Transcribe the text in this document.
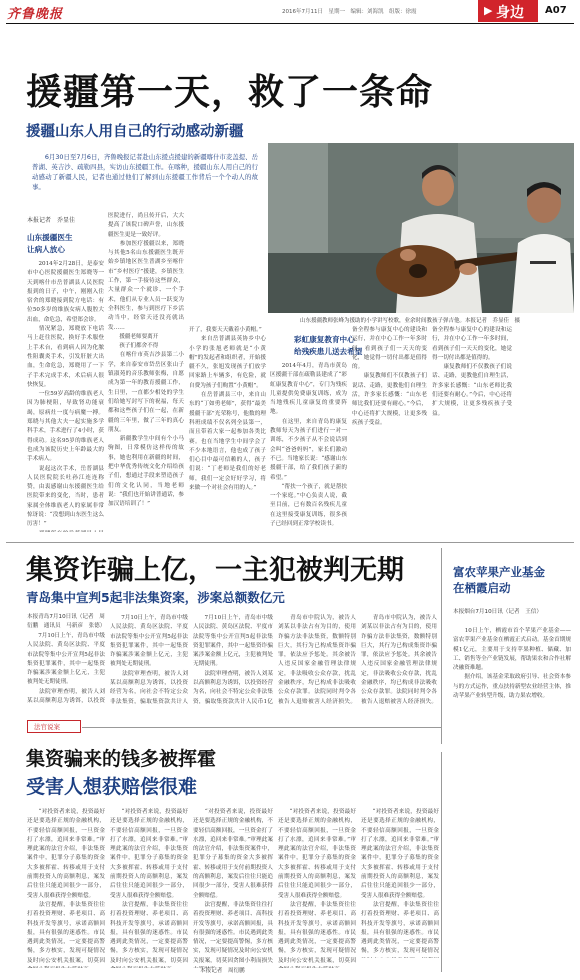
齐鲁晚报	2016年7月11日　星期一　编辑：刘海凯　组版：徐霞	▶ 身边 A07
援疆第一天，救了一条命
援疆山东人用自己的行动感动新疆
　　6月30日至7月6日，齐鲁晚报记者赴山东援点援建的新疆喀什市麦盖提、岳普湖、英吉沙、疏勒四县，实访山东援疆工作。在喀种，援疆山东人用自己的行动感动了新疆人民，记者也通过他们了解到山东援疆工作背后一个个动人的故事。
山东援疆教师张峰为援助的小学讲写校歌，业余时间教孩子弹吉他。本报记者　乔显佳　摄
本报记者　乔显佳
山东援疆医生
让病人放心
　　2014年2月28日，是泰安市中心医院援疆医生郑晓等一天到喀什市岳普湖县人民医院报到的日子，中午，刚刚入住宿舍的郑晓接到院方电话：有位50多岁的维族女病人腹腔大出血，命危急，希望郑会诊。
　　情况紧急，郑晓放下电话马上赶往医院，换好手术服登上手术台，看到病人因为化脓性阻囊炎手术，引发肝脏大出血，生命危急，郑晓用了一下子手术完成手术，术后病人很快恢复。
　　一位59岁高龄的维族老人因为肺梗阻，导致肾功能衰竭，原病灶一度与病魔一搏。郑晓与其他大夫一起实施多学科手术，手术进行了4小时，获得成功。这名95岁的维族老人也成为该院历史上年龄最大的手术病人。
　　说起这次手术，岳普湖县人民医院院长吐孙江连连称赞，由衷感谢山东援疆医生给医院带来的变化，当时，患者家属全体维族老人的家属非常惊讶说：“没想到山东医生这么厉害！”

医院进行，尚且传开后，大大提高了该院口碑声誉，山东援疆医生更是一致好评。
　　参加医疗援疆以来，郑晓与其他5名山东援疆医生既开始乡镇地区医生普湖乡至喀什市“乡村医疗”援建，乡镇医生工作，第一手接待这些群众，大量群众一个就诊、一个手术，他们从专业人员一跃变为全科医生，参与到医疗下乡活动当中，经常天还没亮就出发……
　　援疆老师要离开
　　孩子们都舍不得
　　在喀什市英吉沙县第二小学，来自泰安市岱岳区张山子镇淑苑的音乐教师张梅，自愿成为第一年的教育援疆工作，生日里，一直都少相处的学生们给她写封写下的祝福，每天都和这些孩子们在一起，在新疆的三年里，做了三年的真心朋友。
　　新疆教学生中间有个小马驹图，日常模仿这样传的故事，她也利用在新疆的时间，把中华优秀传统文化介绍给孩子们，想通过手段来塑造孩子们的文化认同，当地老师说：“我们也开始讲普通话，参加汉语培训了！”
开了，我要天天戴着小黄帽。”
　　来自岳普湖县英协乡中心小学的张旭老师就是“小黄帽”的发起者和组织者，开始援疆不久，张旭发现孩子们放学回家路上车辆多，有危险，就自费为孩子们购置“小黄帽”。
　　在岳普湖县三中，来自山东的“丁如勇老师”，获得“最美援疆干部”光荣称号，他数的理科班成绩不仅名列全县第一，而且带着大家一起参加各类比赛。也在当地学生中间学会了不少本地语言，他也成了孩子们心目中最可信赖的人，孩子们说：“丁老师是我们的好老师，我们一定会好好学习，将来做一个对社会有用的人。”
彩虹康复教育中心
给残疾患儿送去希望
　　2014年4月，青岛市黄岛区援疆干部在疏勒县建成了“彩虹康复教育中心”，专门为残疾儿童提供免费康复训练，成为当地残疾儿童康复的重要阵地。
　　在这里，来自青岛的康复教师每天为孩子们进行一对一训练，不少孩子从不会说话到会叫“爸爸妈妈”，家长们激动不已。当地家长说：“感谢山东援疆干部，给了我们孩子新的希望。”
　　“帮扶一个孩子，就是帮扶一个家庭。”中心负责人说，截至目前，已有数百名残疾儿童在这里接受康复训练，很多孩子已经回到正常学校读书。
备全程参与康复中心的建设和运行，并在中心工作一年多时间，看到孩子们一天天的变化，她觉得一切付出都是值得的。
　　康复教师们不仅教孩子们说话、走路，更教他们自理生活，许多家长感慨：“山东老师比我们还要有耐心。”今后，中心还将扩大规模，让更多残疾孩子受益。
备全程参与康复中心的建设和运行，并在中心工作一年多时间，看到孩子们一天天的变化，她觉得一切付出都是值得的。
　　康复教师们不仅教孩子们说话、走路，更教他们自理生活，许多家长感慨：“山东老师比我们还要有耐心。”今后，中心还将扩大规模，让更多残疾孩子受益。
集资诈骗上亿，一主犯被判无期
青岛集中宣判5起非法集资案，涉案总额数亿元
本报青岛7月10日讯（记者　周衍鹏　通讯员　马新彦　张德）
　　7月10日上午，青岛市中级人民法院、黄岛区法院、平度市法院等集中公开宣判5起非法集资犯罪案件，其中一起集资诈骗案涉案金额上亿元，主犯被判处无期徒刑。
　　法院审理查明，被告人刘某以高额利息为诱饵，以投资

　　7月10日上午，青岛市中级人民法院、黄岛区法院、平度市法院等集中公开宣判5起非法集资犯罪案件，其中一起集资诈骗案涉案金额上亿元，主犯被判处无期徒刑。
　　法院审理查明，被告人刘某以高额利息为诱饵，以投资经营为名，向社会不特定公众非法集资，骗取集资款共计人

　　7月10日上午，青岛市中级人民法院、黄岛区法院、平度市法院等集中公开宣判5起非法集资犯罪案件，其中一起集资诈骗案涉案金额上亿元，主犯被判处无期徒刑。
　　法院审理查明，被告人刘某以高额利息为诱饵，以投资经营为名，向社会不特定公众非法集资，骗取集资款共计人民币1亿

　　青岛市中院认为，被告人刘某以非法占有为目的，使用诈骗方法非法集资，数额特别巨大，其行为已构成集资诈骗罪，依法应予惩处。其余被告人违反国家金融管理法律规定，非法吸收公众存款，扰乱金融秩序，均已构成非法吸收公众存款罪。法院同时判令各被告人退赔被害人经济损失。
　　青岛市中院认为，被告人刘某以非法占有为目的，使用诈骗方法非法集资，数额特别巨大，其行为已构成集资诈骗罪，依法应予惩处。其余被告人违反国家金融管理法律规定，非法吸收公众存款，扰乱金融秩序，均已构成非法吸收公众存款罪。法院同时判令各被告人退赔被害人经济损失。
富农苹果产业基金
在栖霞启动
本报烟台7月10日讯（记者　王信）
　　10日上午，栖霞市首个苹果产业基金——富农苹果产业基金在栖霞正式启动。基金首期规模1亿元，主要用于支持苹果种植、储藏、加工、销售等全产业链发展，帮助果农和合作社解决融资难题。
　　据介绍，该基金采取政府引导、社会资本参与的方式运作，重点扶持新型农业经营主体，推动苹果产业转型升级，助力果农增收。
法官说案
集资骗来的钱多被挥霍
受害人想获赔偿很难
　　“对投资者来说，投资最好还是要选择正规的金融机构，不要轻信高额回报，一旦资金打了水漂，追回来非常难。”审理此案的法官介绍，非法集资案件中，犯罪分子募集的资金大多被挥霍、转移或用于支付前期投资人的高额利息，案发后往往只能追回很少一部分，受害人很难获得全额赔偿。
　　法官提醒，非法集资往往打着投资理财、养老项目、高科技开发等旗号，承诺高额回报，具有很强的迷惑性。市民遇到此类情况，一定要提高警惕，多方核实，发现可疑情况及时向公安机关报案，切莫因
　　“对投资者来说，投资最好还是要选择正规的金融机构，不要轻信高额回报，一旦资金打了水漂，追回来非常难。”审理此案的法官介绍，非法集资案件中，犯罪分子募集的资金大多被挥霍、转移或用于支付前期投资人的高额利息，案发后往往只能追回很少一部分，受害人很难获得全额赔偿。
　　法官提醒，非法集资往往打着投资理财、养老项目、高科技开发等旗号，承诺高额回报，具有很强的迷惑性。市民遇到此类情况，一定要提高警惕，多方核实，发现可疑情况及时向公安机关报案，切莫因
　　“对投资者来说，投资最好还是要选择正规的金融机构，不要轻信高额回报，一旦资金打了水漂，追回来非常难。”审理此案的法官介绍，非法集资案件中，犯罪分子募集的资金大多被挥霍、转移或用于支付前期投资人的高额利息，案发后往往只能追回很少一部分，受害人很难获得全额赔偿。
　　法官提醒，非法集资往往打着投资理财、养老项目、高科技开发等旗号，承诺高额回报，具有很强的迷惑性。市民遇到此类情况，一定要提高警惕，多方核实，发现可疑情况及时向公安机关报案，切莫因贪图小利而损失
　　“对投资者来说，投资最好还是要选择正规的金融机构，不要轻信高额回报，一旦资金打了水漂，追回来非常难。”审理此案的法官介绍，非法集资案件中，犯罪分子募集的资金大多被挥霍、转移或用于支付前期投资人的高额利息，案发后往往只能追回很少一部分，受害人很难获得全额赔偿。
　　法官提醒，非法集资往往打着投资理财、养老项目、高科技开发等旗号，承诺高额回报，具有很强的迷惑性。市民遇到此类情况，一定要提高警惕，多方核实，发现可疑情况及时向公安机关报案，切莫因
　　“对投资者来说，投资最好还是要选择正规的金融机构，不要轻信高额回报，一旦资金打了水漂，追回来非常难。”审理此案的法官介绍，非法集资案件中，犯罪分子募集的资金大多被挥霍、转移或用于支付前期投资人的高额利息，案发后往往只能追回很少一部分，受害人很难获得全额赔偿。
　　法官提醒，非法集资往往打着投资理财、养老项目、高科技开发等旗号，承诺高额回报，具有很强的迷惑性。市民遇到此类情况，一定要提高警惕，多方核实，发现可疑情况
本报记者　周衍鹏
